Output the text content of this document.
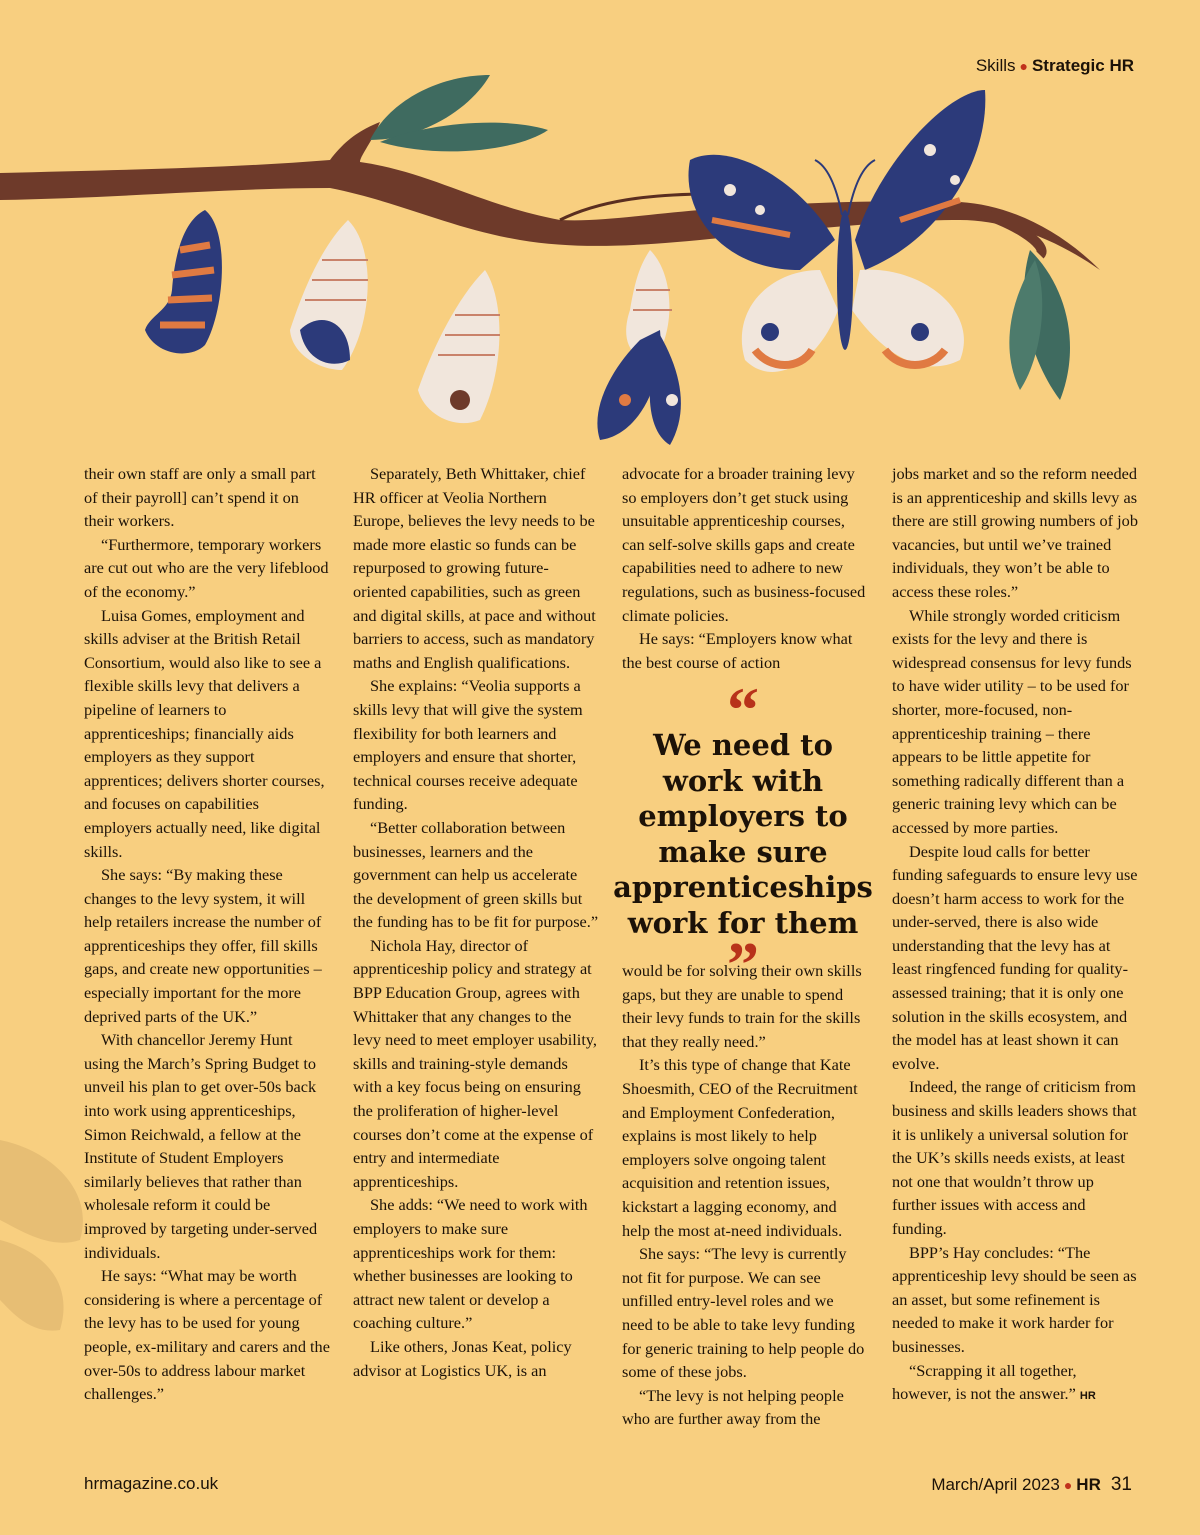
Skills ● Strategic HR

their own staff are only a small part of their payroll] can’t spend it on their workers.

“Furthermore, temporary workers are cut out who are the very lifeblood of the economy.”

Luisa Gomes, employment and skills adviser at the British Retail Consortium, would also like to see a flexible skills levy that delivers a pipeline of learners to apprenticeships; financially aids employers as they support apprentices; delivers shorter courses, and focuses on capabilities employers actually need, like digital skills.

She says: “By making these changes to the levy system, it will help retailers increase the number of apprenticeships they offer, fill skills gaps, and create new opportunities – especially important for the more deprived parts of the UK.”

With chancellor Jeremy Hunt using the March’s Spring Budget to unveil his plan to get over-50s back into work using apprenticeships, Simon Reichwald, a fellow at the Institute of Student Employers similarly believes that rather than wholesale reform it could be improved by targeting under-served individuals.

He says: “What may be worth considering is where a percentage of the levy has to be used for young people, ex-military and carers and the over-50s to address labour market challenges.”

Separately, Beth Whittaker, chief HR officer at Veolia Northern Europe, believes the levy needs to be made more elastic so funds can be repurposed to growing future-oriented capabilities, such as green and digital skills, at pace and without barriers to access, such as mandatory maths and English qualifications.

She explains: “Veolia supports a skills levy that will give the system flexibility for both learners and employers and ensure that shorter, technical courses receive adequate funding.

“Better collaboration between businesses, learners and the government can help us accelerate the development of green skills but the funding has to be fit for purpose.”

Nichola Hay, director of apprenticeship policy and strategy at BPP Education Group, agrees with Whittaker that any changes to the levy need to meet employer usability, skills and training-style demands with a key focus being on ensuring the proliferation of higher-level courses don’t come at the expense of entry and intermediate apprenticeships.

She adds: “We need to work with employers to make sure apprenticeships work for them: whether businesses are looking to attract new talent or develop a coaching culture.”

Like others, Jonas Keat, policy advisor at Logistics UK, is an

advocate for a broader training levy so employers don’t get stuck using unsuitable apprenticeship courses, can self-solve skills gaps and create capabilities need to adhere to new regulations, such as business-focused climate policies.

He says: “Employers know what the best course of action

“
We need to work with employers to make sure apprenticeships work for them
”

would be for solving their own skills gaps, but they are unable to spend their levy funds to train for the skills that they really need.”

It’s this type of change that Kate Shoesmith, CEO of the Recruitment and Employment Confederation, explains is most likely to help employers solve ongoing talent acquisition and retention issues, kickstart a lagging economy, and help the most at-need individuals.

She says: “The levy is currently not fit for purpose. We can see unfilled entry-level roles and we need to be able to take levy funding for generic training to help people do some of these jobs.

“The levy is not helping people who are further away from the

jobs market and so the reform needed is an apprenticeship and skills levy as there are still growing numbers of job vacancies, but until we’ve trained individuals, they won’t be able to access these roles.”

While strongly worded criticism exists for the levy and there is widespread consensus for levy funds to have wider utility – to be used for shorter, more-focused, non-apprenticeship training – there appears to be little appetite for something radically different than a generic training levy which can be accessed by more parties.

Despite loud calls for better funding safeguards to ensure levy use doesn’t harm access to work for the under-served, there is also wide understanding that the levy has at least ringfenced funding for quality-assessed training; that it is only one solution in the skills ecosystem, and the model has at least shown it can evolve.

Indeed, the range of criticism from business and skills leaders shows that it is unlikely a universal solution for the UK’s skills needs exists, at least not one that wouldn’t throw up further issues with access and funding.

BPP’s Hay concludes: “The apprenticeship levy should be seen as an asset, but some refinement is needed to make it work harder for businesses.

“Scrapping it all together, however, is not the answer.” HR

hrmagazine.co.uk	March/April 2023 ● HR 31
